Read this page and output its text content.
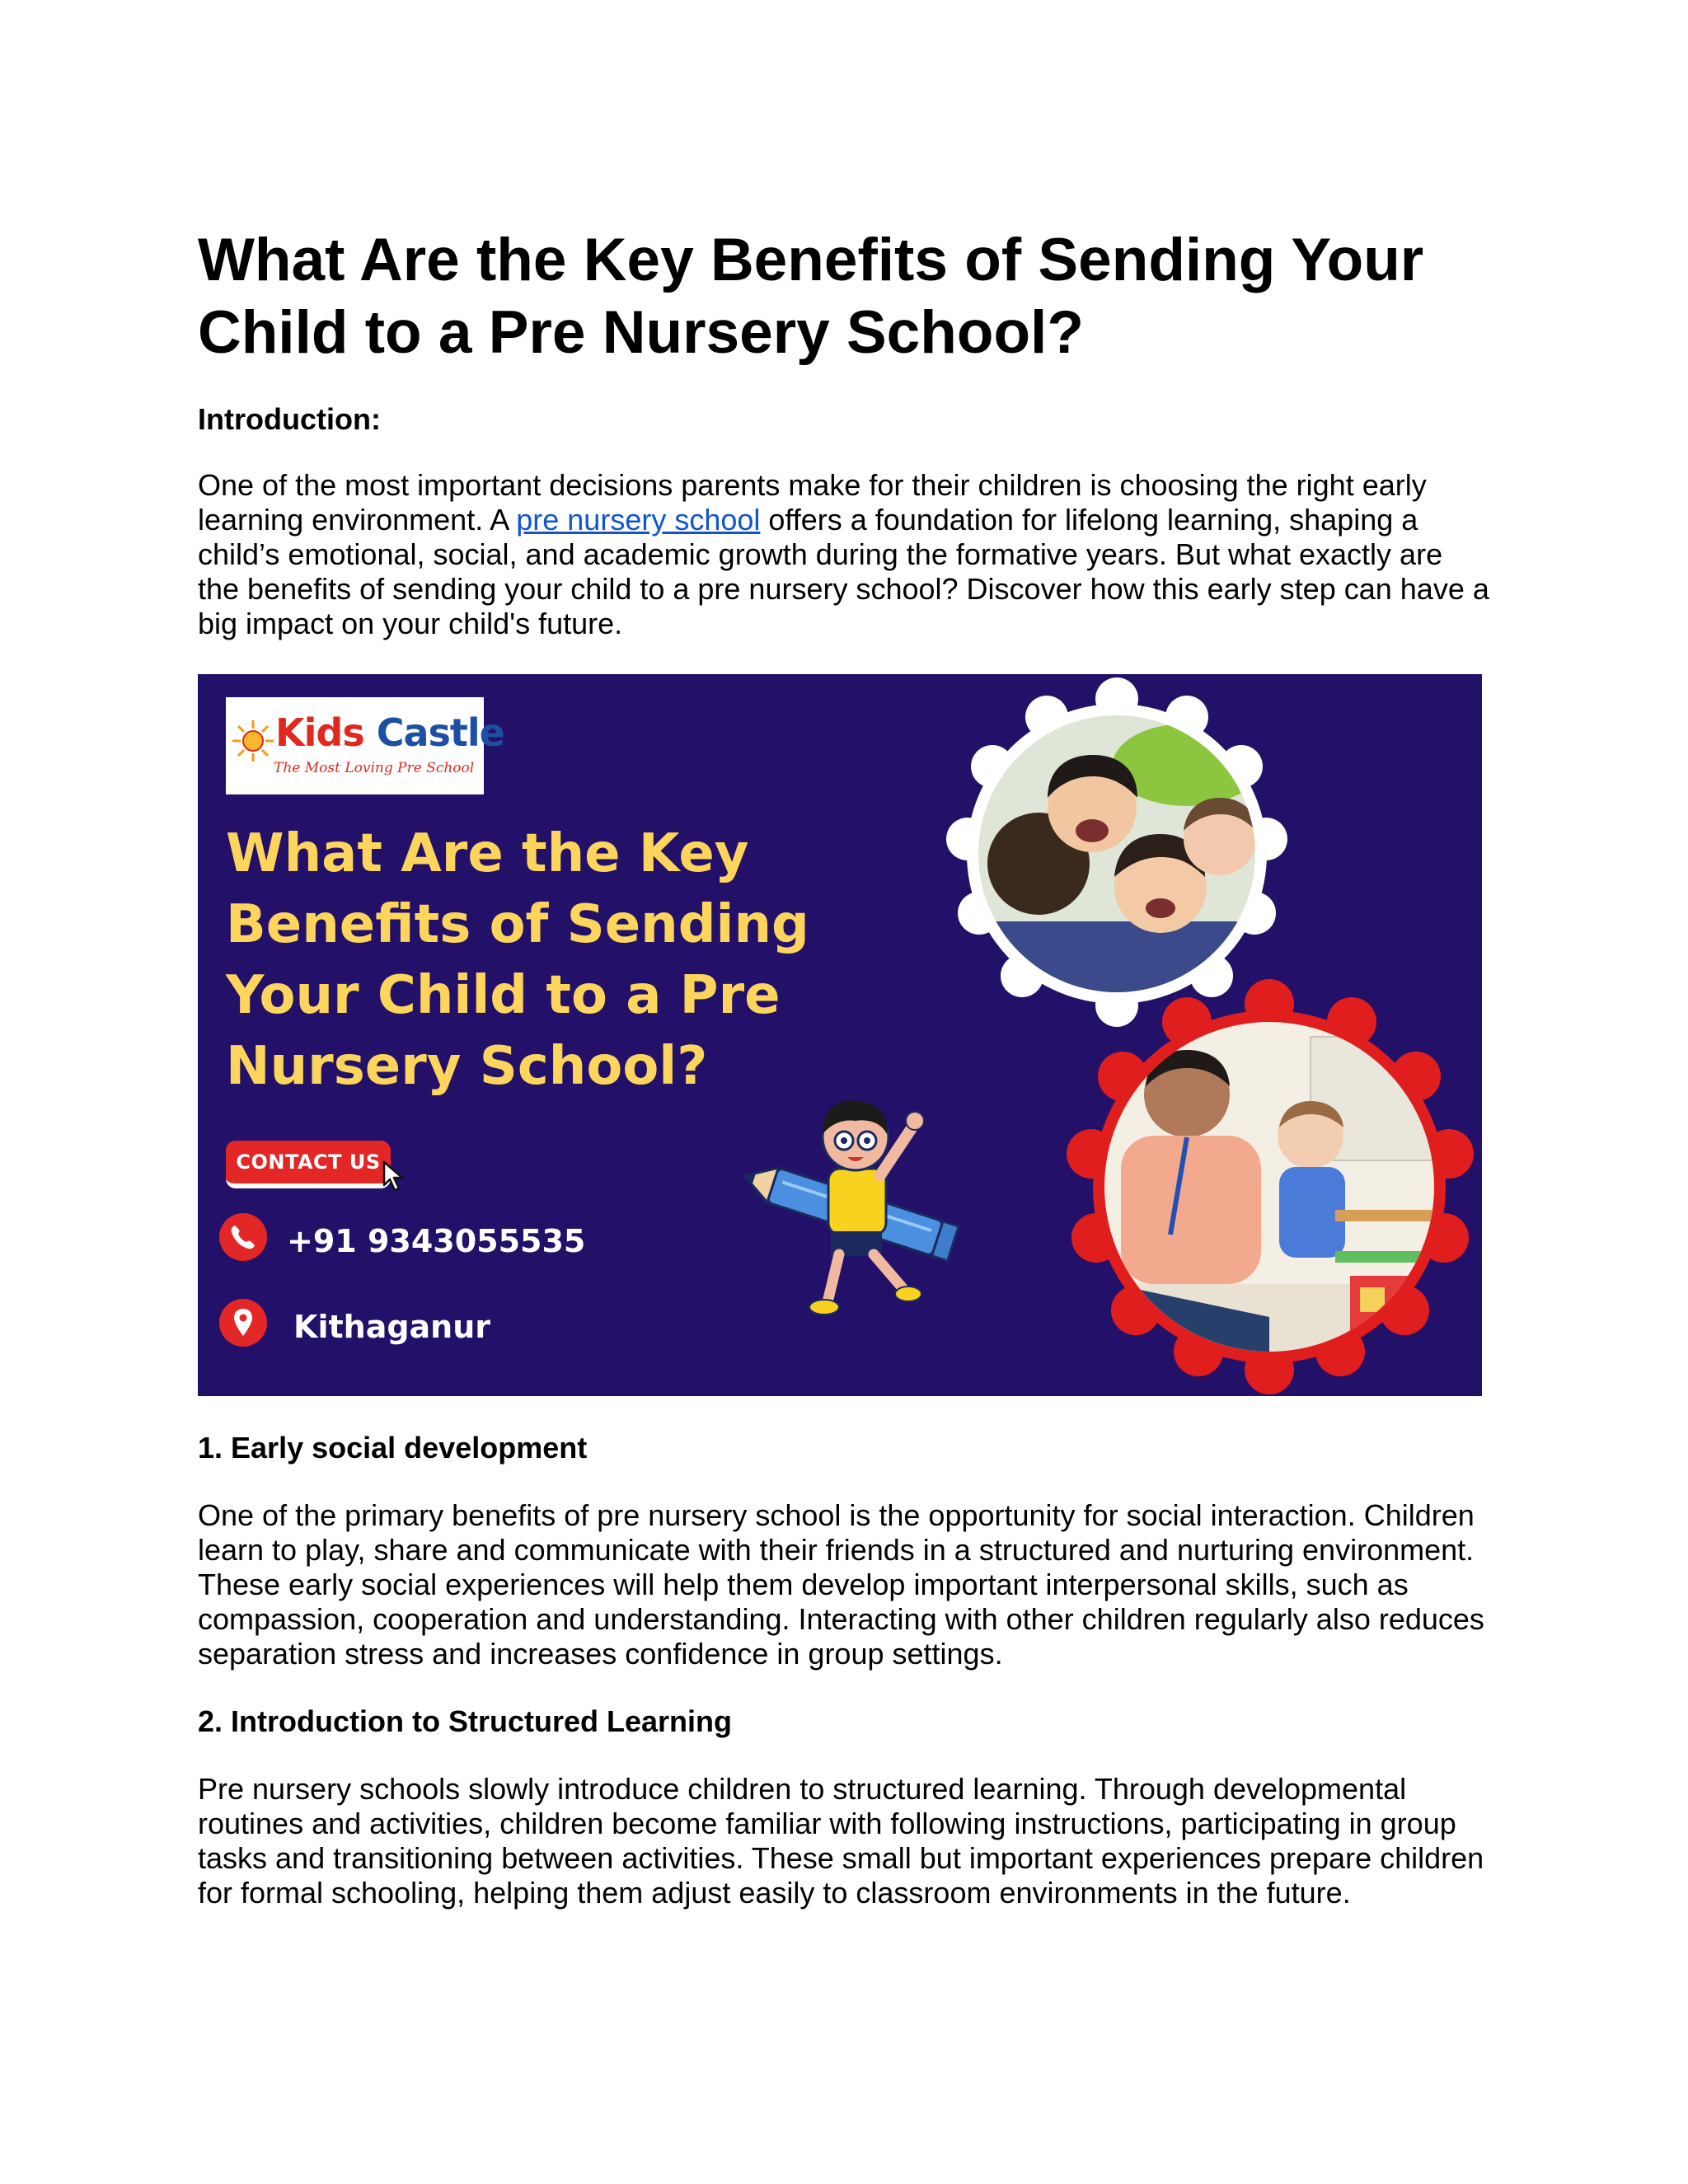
What Are the Key Benefits of Sending Your Child to a Pre Nursery School?

Introduction:

One of the most important decisions parents make for their children is choosing the right early learning environment. A pre nursery school offers a foundation for lifelong learning, shaping a child’s emotional, social, and academic growth during the formative years. But what exactly are the benefits of sending your child to a pre nursery school? Discover how this early step can have a big impact on your child's future.

1. Early social development

One of the primary benefits of pre nursery school is the opportunity for social interaction. Children learn to play, share and communicate with their friends in a structured and nurturing environment. These early social experiences will help them develop important interpersonal skills, such as compassion, cooperation and understanding. Interacting with other children regularly also reduces separation stress and increases confidence in group settings.

2. Introduction to Structured Learning

Pre nursery schools slowly introduce children to structured learning. Through developmental routines and activities, children become familiar with following instructions, participating in group tasks and transitioning between activities. These small but important experiences prepare children for formal schooling, helping them adjust easily to classroom environments in the future.

Kids Castle
The Most Loving Pre School
What Are the Key Benefits of Sending Your Child to a Pre Nursery School?
CONTACT US
+91 9343055535
Kithaganur
